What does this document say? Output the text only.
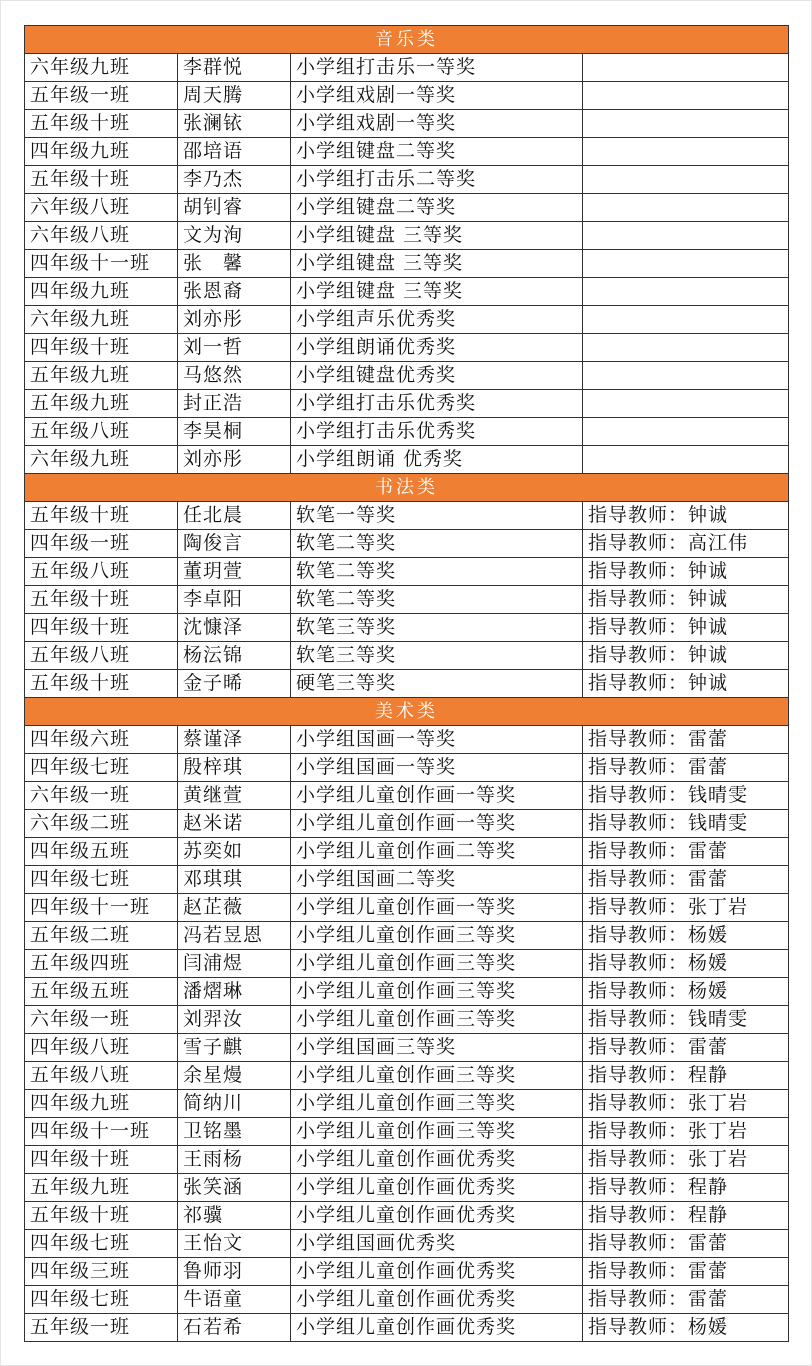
音乐类			
六年级九班	李群悦	小学组打击乐一等奖	
五年级一班	周天腾	小学组戏剧一等奖	
五年级十班	张澜铱	小学组戏剧一等奖	
四年级九班	邵培语	小学组键盘二等奖	
五年级十班	李乃杰	小学组打击乐二等奖	
六年级八班	胡钊睿	小学组键盘二等奖	
六年级八班	文为洵	小学组键盘 三等奖	
四年级十一班	张　馨	小学组键盘 三等奖	
四年级九班	张恩裔	小学组键盘 三等奖	
六年级九班	刘亦彤	小学组声乐优秀奖	
四年级十班	刘一哲	小学组朗诵优秀奖	
五年级九班	马悠然	小学组键盘优秀奖	
五年级九班	封正浩	小学组打击乐优秀奖	
五年级八班	李昊桐	小学组打击乐优秀奖	
六年级九班	刘亦彤	小学组朗诵 优秀奖	
书法类			
五年级十班	任北晨	软笔一等奖	指导教师：钟诚
四年级一班	陶俊言	软笔二等奖	指导教师：高江伟
五年级八班	董玥萱	软笔二等奖	指导教师：钟诚
五年级十班	李卓阳	软笔二等奖	指导教师：钟诚
四年级十班	沈慷泽	软笔三等奖	指导教师：钟诚
五年级八班	杨沄锦	软笔三等奖	指导教师：钟诚
五年级十班	金子晞	硬笔三等奖	指导教师：钟诚
美术类			
四年级六班	蔡谨泽	小学组国画一等奖	指导教师：雷蕾
四年级七班	殷梓琪	小学组国画一等奖	指导教师：雷蕾
六年级一班	黄继萱	小学组儿童创作画一等奖	指导教师：钱晴雯
六年级二班	赵米诺	小学组儿童创作画一等奖	指导教师：钱晴雯
四年级五班	苏奕如	小学组儿童创作画二等奖	指导教师：雷蕾
四年级七班	邓琪琪	小学组国画二等奖	指导教师：雷蕾
四年级十一班	赵芷薇	小学组儿童创作画一等奖	指导教师：张丁岩
五年级二班	冯若昱恩	小学组儿童创作画三等奖	指导教师：杨媛
五年级四班	闫浦煜	小学组儿童创作画三等奖	指导教师：杨媛
五年级五班	潘熠琳	小学组儿童创作画三等奖	指导教师：杨媛
六年级一班	刘羿汝	小学组儿童创作画三等奖	指导教师：钱晴雯
四年级八班	雪子麒	小学组国画三等奖	指导教师：雷蕾
五年级八班	余星熳	小学组儿童创作画三等奖	指导教师：程静
四年级九班	简纳川	小学组儿童创作画三等奖	指导教师：张丁岩
四年级十一班	卫铭墨	小学组儿童创作画三等奖	指导教师：张丁岩
四年级十班	王雨杨	小学组儿童创作画优秀奖	指导教师：张丁岩
五年级九班	张笑涵	小学组儿童创作画优秀奖	指导教师：程静
五年级十班	祁骥	小学组儿童创作画优秀奖	指导教师：程静
四年级七班	王怡文	小学组国画优秀奖	指导教师：雷蕾
四年级三班	鲁师羽	小学组儿童创作画优秀奖	指导教师：雷蕾
四年级七班	牛语童	小学组儿童创作画优秀奖	指导教师：雷蕾
五年级一班	石若希	小学组儿童创作画优秀奖	指导教师：杨媛
